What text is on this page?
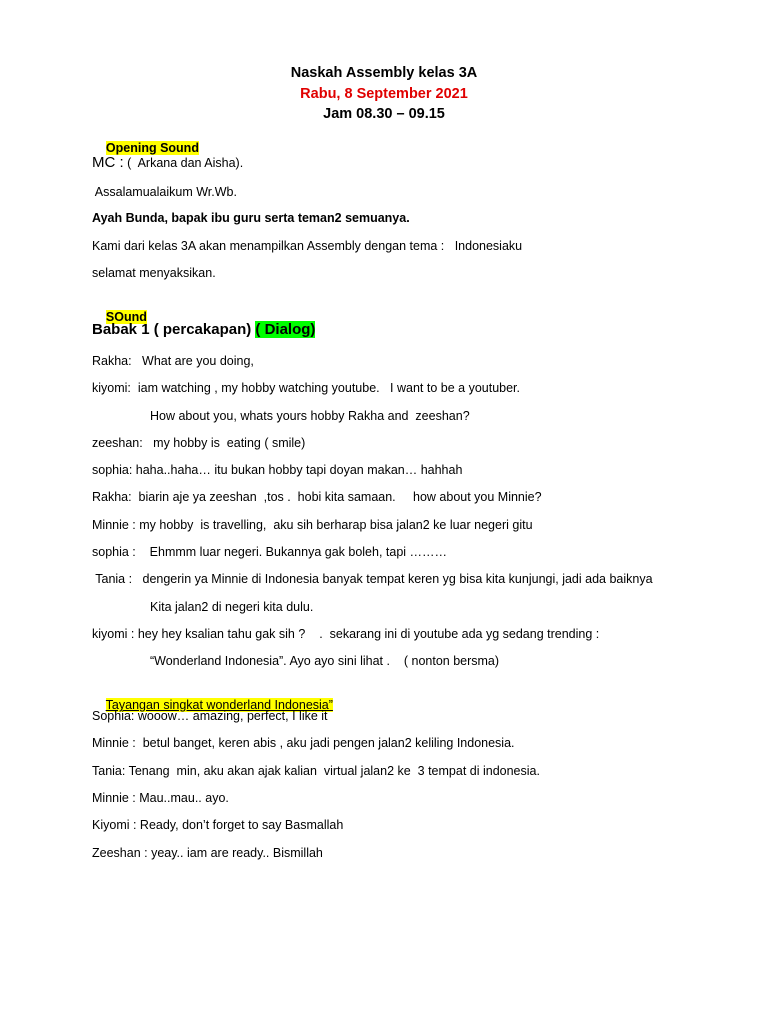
Naskah Assembly kelas 3A
Rabu, 8 September 2021
Jam 08.30 – 09.15

Opening Sound

MC : (  Arkana dan Aisha).
Assalamualaikum Wr.Wb.
Ayah Bunda, bapak ibu guru serta teman2 semuanya.
Kami dari kelas 3A akan menampilkan Assembly dengan tema :   Indonesiaku
selamat menyaksikan.

SOund

Babak 1 ( percakapan) ( Dialog)
Rakha:   What are you doing,
kiyomi:  iam watching , my hobby watching youtube.   I want to be a youtuber.
How about you, whats yours hobby Rakha and  zeeshan?
zeeshan:   my hobby is  eating ( smile)
sophia: haha..haha… itu bukan hobby tapi doyan makan… hahhah
Rakha:  biarin aje ya zeeshan  ,tos .  hobi kita samaan.     how about you Minnie?
Minnie : my hobby  is travelling,  aku sih berharap bisa jalan2 ke luar negeri gitu
sophia :    Ehmmm luar negeri. Bukannya gak boleh, tapi ………
Tania :   dengerin ya Minnie di Indonesia banyak tempat keren yg bisa kita kunjungi, jadi ada baiknya
Kita jalan2 di negeri kita dulu.
kiyomi : hey hey ksalian tahu gak sih ?    .  sekarang ini di youtube ada yg sedang trending :
“Wonderland Indonesia”. Ayo ayo sini lihat .    ( nonton bersma)

Tayangan singkat wonderland Indonesia”

Sophia: wooow… amazing, perfect, I like it
Minnie :  betul banget, keren abis , aku jadi pengen jalan2 keliling Indonesia.
Tania: Tenang  min, aku akan ajak kalian  virtual jalan2 ke  3 tempat di indonesia.
Minnie : Mau..mau.. ayo.
Kiyomi : Ready, don’t forget to say Basmallah
Zeeshan : yeay.. iam are ready.. Bismillah
